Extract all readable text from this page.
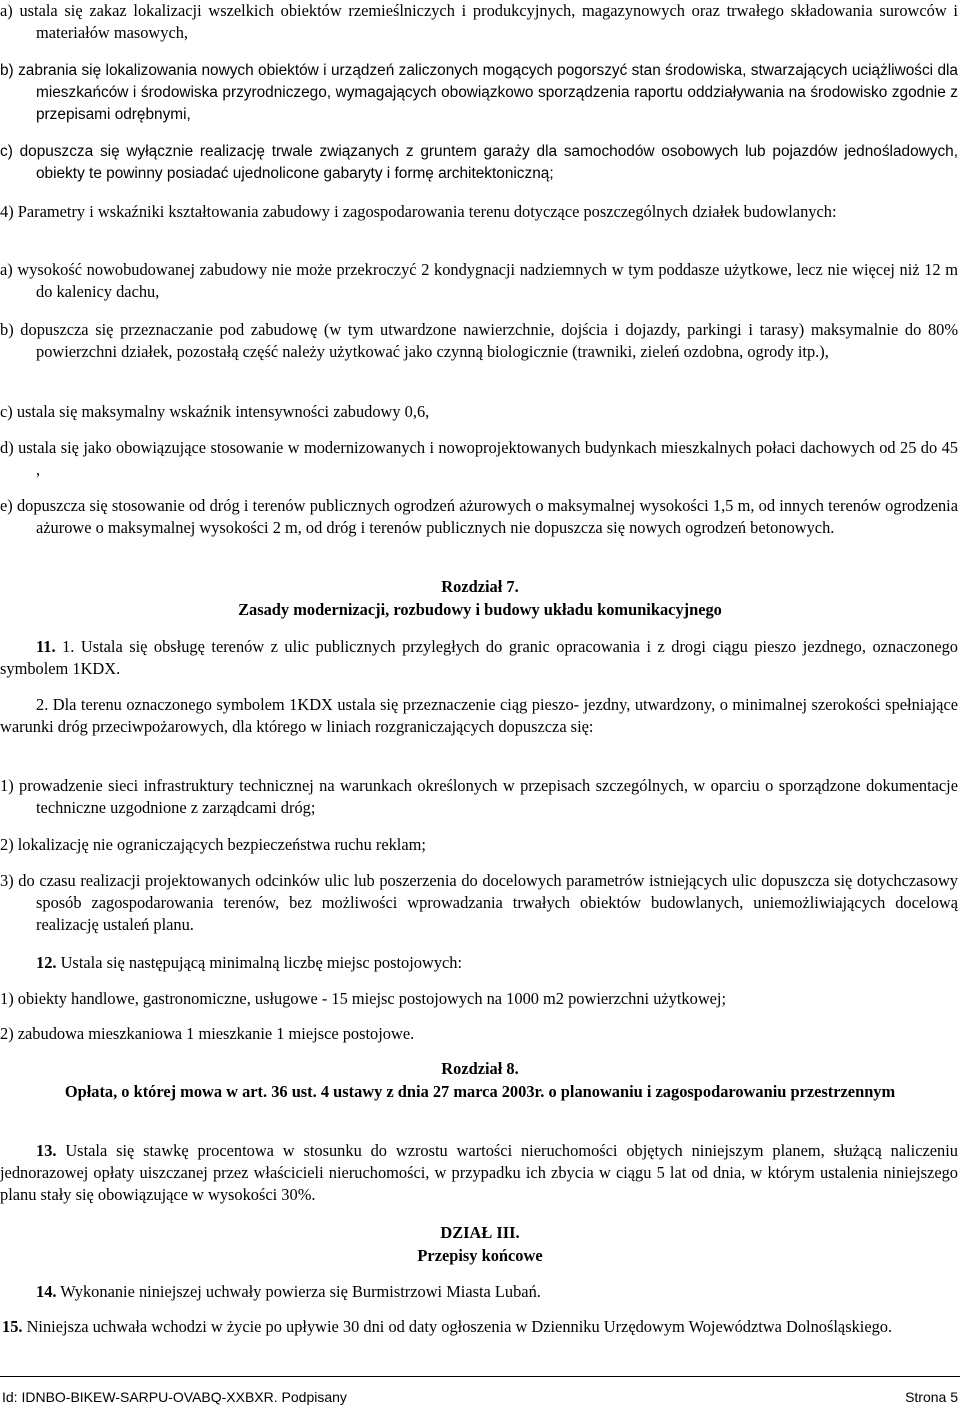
a) ustala się zakaz lokalizacji wszelkich obiektów rzemieślniczych i produkcyjnych, magazynowych oraz trwałego składowania surowców i materiałów masowych,
b) zabrania się lokalizowania nowych obiektów i urządzeń zaliczonych mogących pogorszyć stan środowiska, stwarzających uciążliwości dla mieszkańców i środowiska przyrodniczego, wymagających obowiązkowo sporządzenia raportu oddziaływania na środowisko zgodnie z przepisami odrębnymi,
c) dopuszcza się wyłącznie realizację trwale związanych z gruntem garaży dla samochodów osobowych lub pojazdów jednośladowych, obiekty te powinny posiadać ujednolicone gabaryty i formę architektoniczną;
4) Parametry i wskaźniki kształtowania zabudowy i zagospodarowania terenu dotyczące poszczególnych działek budowlanych:
a) wysokość nowobudowanej zabudowy nie może przekroczyć 2 kondygnacji nadziemnych w tym poddasze użytkowe, lecz nie więcej niż 12 m do kalenicy dachu,
b) dopuszcza się przeznaczanie pod zabudowę (w tym utwardzone nawierzchnie, dojścia i dojazdy, parkingi i tarasy) maksymalnie do 80% powierzchni działek, pozostałą część należy użytkować jako czynną biologicznie (trawniki, zieleń ozdobna, ogrody itp.),
c) ustala się maksymalny wskaźnik intensywności zabudowy 0,6,
d) ustala się jako obowiązujące stosowanie w modernizowanych i nowoprojektowanych budynkach mieszkalnych połaci dachowych od 25 do 45 ,
e) dopuszcza się stosowanie od dróg i terenów publicznych ogrodzeń ażurowych o maksymalnej wysokości 1,5 m, od innych terenów ogrodzenia ażurowe o maksymalnej wysokości 2 m, od dróg i terenów publicznych nie dopuszcza się nowych ogrodzeń betonowych.
Rozdział 7.
Zasady modernizacji, rozbudowy i budowy układu komunikacyjnego
11. 1. Ustala się obsługę terenów z ulic publicznych przyległych do granic opracowania i z drogi ciągu pieszo jezdnego, oznaczonego symbolem 1KDX.
2. Dla terenu oznaczonego symbolem 1KDX ustala się przeznaczenie ciąg pieszo- jezdny, utwardzony, o minimalnej szerokości spełniające warunki dróg przeciwpożarowych, dla którego w liniach rozgraniczających dopuszcza się:
1) prowadzenie sieci infrastruktury technicznej na warunkach określonych w przepisach szczególnych, w oparciu o sporządzone dokumentacje techniczne uzgodnione z zarządcami dróg;
2) lokalizację nie ograniczających bezpieczeństwa ruchu reklam;
3) do czasu realizacji projektowanych odcinków ulic lub poszerzenia do docelowych parametrów istniejących ulic dopuszcza się dotychczasowy sposób zagospodarowania terenów, bez możliwości wprowadzania trwałych obiektów budowlanych, uniemożliwiających docelową realizację ustaleń planu.
12. Ustala się następującą minimalną liczbę miejsc postojowych:
1) obiekty handlowe, gastronomiczne, usługowe - 15 miejsc postojowych na 1000 m2 powierzchni użytkowej;
2) zabudowa mieszkaniowa 1 mieszkanie 1 miejsce postojowe.
Rozdział 8.
Opłata, o której mowa w art. 36 ust. 4 ustawy z dnia 27 marca 2003r. o planowaniu i zagospodarowaniu przestrzennym
13. Ustala się stawkę procentowa w stosunku do wzrostu wartości nieruchomości objętych niniejszym planem, służącą naliczeniu jednorazowej opłaty uiszczanej przez właścicieli nieruchomości, w przypadku ich zbycia w ciągu 5 lat od dnia, w którym ustalenia niniejszego planu stały się obowiązujące w wysokości 30%.
DZIAŁ III.
Przepisy końcowe
14. Wykonanie niniejszej uchwały powierza się Burmistrzowi Miasta Lubań.
15. Niniejsza uchwała wchodzi w życie po upływie 30 dni od daty ogłoszenia w Dzienniku Urzędowym Województwa Dolnośląskiego.
Id: IDNBO-BIKEW-SARPU-OVABQ-XXBXR. Podpisany	Strona 5
